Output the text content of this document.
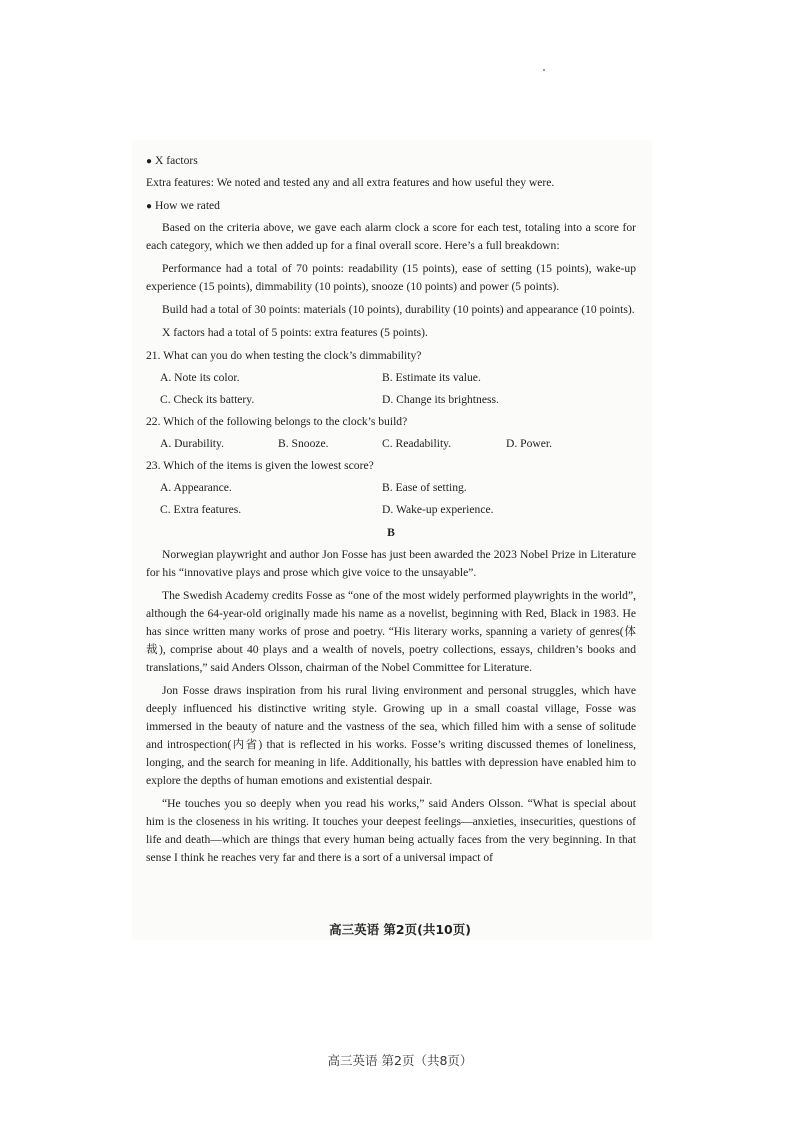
● X factors

Extra features: We noted and tested any and all extra features and how useful they were.

● How we rated

Based on the criteria above, we gave each alarm clock a score for each test, totaling into a score for each category, which we then added up for a final overall score. Here’s a full breakdown:

Performance had a total of 70 points: readability (15 points), ease of setting (15 points), wake-up experience (15 points), dimmability (10 points), snooze (10 points) and power (5 points).

Build had a total of 30 points: materials (10 points), durability (10 points) and appearance (10 points).

X factors had a total of 5 points: extra features (5 points).

21. What can you do when testing the clock’s dimmability?
A. Note its color.	B. Estimate its value.
C. Check its battery.	D. Change its brightness.
22. Which of the following belongs to the clock’s build?
A. Durability.	B. Snooze.	C. Readability.	D. Power.
23. Which of the items is given the lowest score?
A. Appearance.	B. Ease of setting.
C. Extra features.	D. Wake-up experience.
B

Norwegian playwright and author Jon Fosse has just been awarded the 2023 Nobel Prize in Literature for his “innovative plays and prose which give voice to the unsayable”.

The Swedish Academy credits Fosse as “one of the most widely performed playwrights in the world”, although the 64-year-old originally made his name as a novelist, beginning with Red, Black in 1983. He has since written many works of prose and poetry. “His literary works, spanning a variety of genres(体裁), comprise about 40 plays and a wealth of novels, poetry collections, essays, children’s books and translations,” said Anders Olsson, chairman of the Nobel Committee for Literature.

Jon Fosse draws inspiration from his rural living environment and personal struggles, which have deeply influenced his distinctive writing style. Growing up in a small coastal village, Fosse was immersed in the beauty of nature and the vastness of the sea, which filled him with a sense of solitude and introspection(内省) that is reflected in his works. Fosse’s writing discussed themes of loneliness, longing, and the search for meaning in life. Additionally, his battles with depression have enabled him to explore the depths of human emotions and existential despair.

“He touches you so deeply when you read his works,” said Anders Olsson. “What is special about him is the closeness in his writing. It touches your deepest feelings—anxieties, insecurities, questions of life and death—which are things that every human being actually faces from the very beginning. In that sense I think he reaches very far and there is a sort of a universal impact of

高三英语 第2页(共10页)
高三英语 第2页（共8页）
